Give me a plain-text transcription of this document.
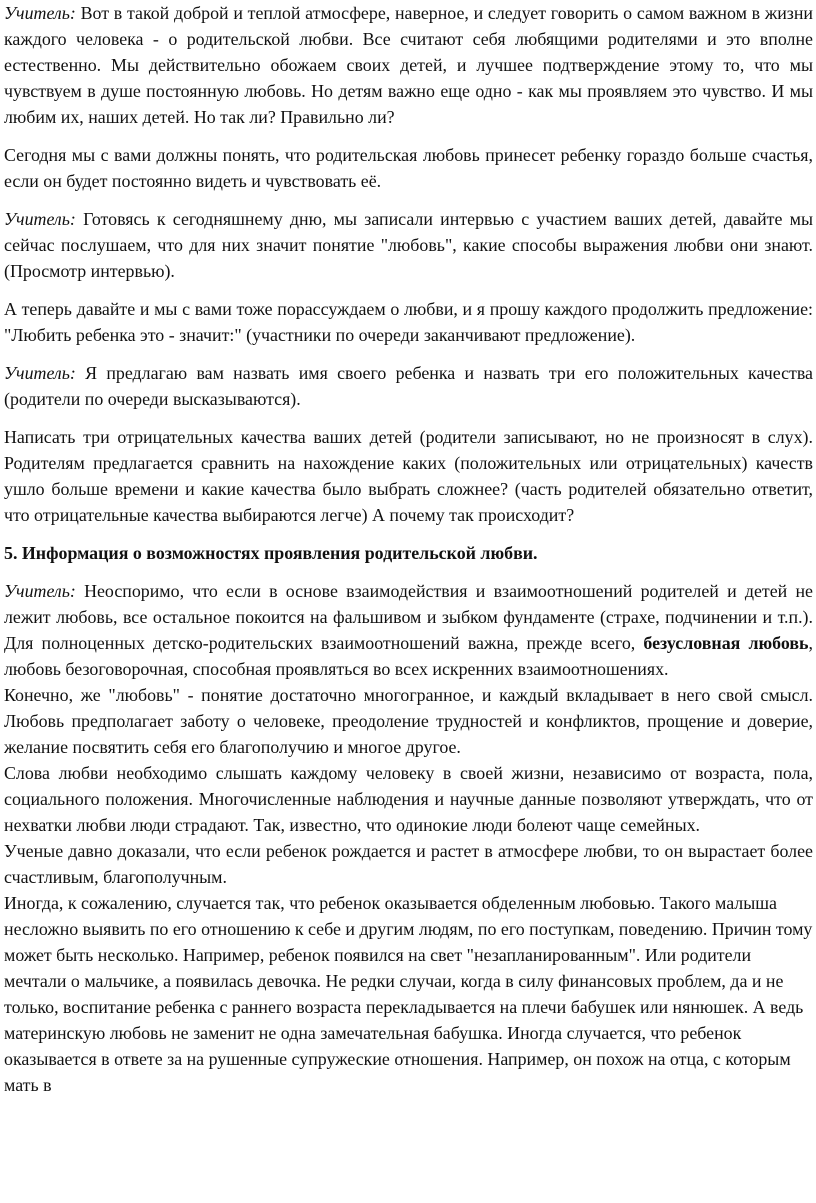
Учитель: Вот в такой доброй и теплой атмосфере, наверное, и следует говорить о самом важном в жизни каждого человека - о родительской любви. Все считают себя любящими родителями и это вполне естественно. Мы действительно обожаем своих детей, и лучшее подтверждение этому то, что мы чувствуем в душе постоянную любовь. Но детям важно еще одно - как мы проявляем это чувство. И мы любим их, наших детей. Но так ли? Правильно ли?

Сегодня мы с вами должны понять, что родительская любовь принесет ребенку гораздо больше счастья, если он будет постоянно видеть и чувствовать её.

Учитель: Готовясь к сегодняшнему дню, мы записали интервью с участием ваших детей, давайте мы сейчас послушаем, что для них значит понятие "любовь", какие способы выражения любви они знают. (Просмотр интервью).

А теперь давайте и мы с вами тоже порассуждаем о любви, и я прошу каждого продолжить предложение: "Любить ребенка это - значит:" (участники по очереди заканчивают предложение).

Учитель: Я предлагаю вам назвать имя своего ребенка и назвать три его положительных качества (родители по очереди высказываются).

Написать три отрицательных качества ваших детей (родители записывают, но не произносят в слух). Родителям предлагается сравнить на нахождение каких (положительных или отрицательных) качеств ушло больше времени и какие качества было выбрать сложнее? (часть родителей обязательно ответит, что отрицательные качества выбираются легче) А почему так происходит?

5. Информация о возможностях проявления родительской любви.

Учитель: Неоспоримо, что если в основе взаимодействия и взаимоотношений родителей и детей не лежит любовь, все остальное покоится на фальшивом и зыбком фундаменте (страхе, подчинении и т.п.). Для полноценных детско-родительских взаимоотношений важна, прежде всего, безусловная любовь, любовь безоговорочная, способная проявляться во всех искренних взаимоотношениях.

Конечно, же "любовь" - понятие достаточно многогранное, и каждый вкладывает в него свой смысл. Любовь предполагает заботу о человеке, преодоление трудностей и конфликтов, прощение и доверие, желание посвятить себя его благополучию и многое другое.

Слова любви необходимо слышать каждому человеку в своей жизни, независимо от возраста, пола, социального положения. Многочисленные наблюдения и научные данные позволяют утверждать, что от нехватки любви люди страдают. Так, известно, что одинокие люди болеют чаще семейных.

Ученые давно доказали, что если ребенок рождается и растет в атмосфере любви, то он вырастает более счастливым, благополучным.

Иногда, к сожалению, случается так, что ребенок оказывается обделенным любовью. Такого малыша несложно выявить по его отношению к себе и другим людям, по его поступкам, поведению. Причин тому может быть несколько. Например, ребенок появился на свет "незапланированным". Или родители мечтали о мальчике, а появилась девочка. Не редки случаи, когда в силу финансовых проблем, да и не только, воспитание ребенка с раннего возраста перекладывается на плечи бабушек или нянюшек. А ведь материнскую любовь не заменит не одна замечательная бабушка. Иногда случается, что ребенок оказывается в ответе за на рушенные супружеские отношения. Например, он похож на отца, с которым мать в
